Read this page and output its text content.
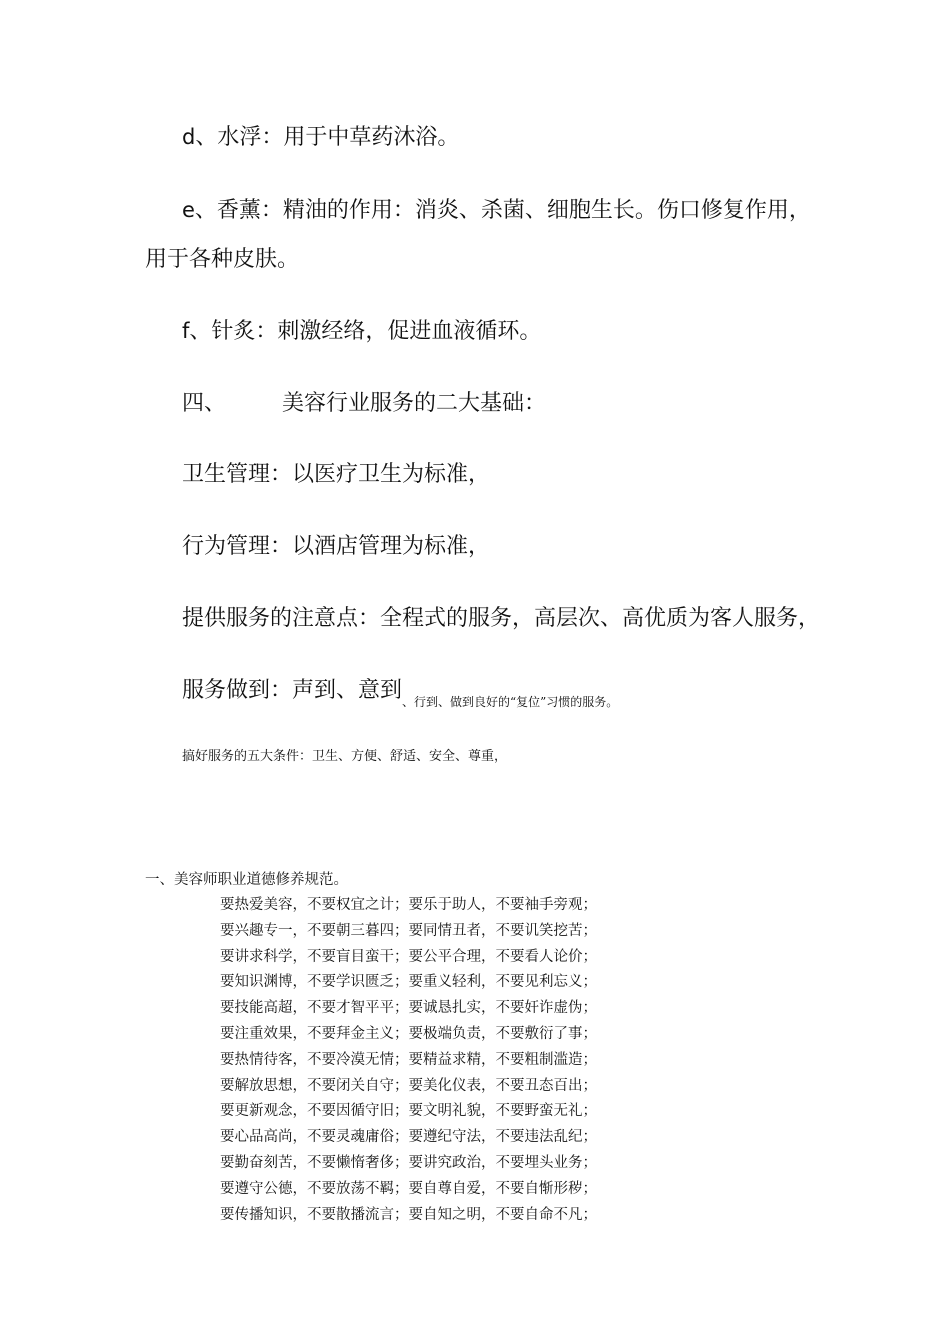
d、水浮：用于中草药沐浴。
e、香薰：精油的作用：消炎、杀菌、细胞生长。伤口修复作用，
用于各种皮肤。
f、针炙：刺激经络，促进血液循环。
四、	美容行业服务的二大基础：
卫生管理：以医疗卫生为标准，
行为管理：以酒店管理为标准，
提供服务的注意点：全程式的服务，高层次、高优质为客人服务，
服务做到：声到、意到$_{、行到、做到良好的“复位”习惯的服务。}$
搞好服务的五大条件：卫生、方便、舒适、安全、尊重，
一、美容师职业道德修养规范。
要热爱美容，不要权宜之计；要乐于助人，不要袖手旁观；
要兴趣专一，不要朝三暮四；要同情丑者，不要讥笑挖苦；
要讲求科学，不要盲目蛮干；要公平合理，不要看人论价；
要知识渊博，不要学识匮乏；要重义轻利，不要见利忘义；
要技能高超，不要才智平平；要诚恳扎实，不要奸诈虚伪；
要注重效果，不要拜金主义；要极端负责，不要敷衍了事；
要热情待客，不要冷漠无情；要精益求精，不要粗制滥造；
要解放思想，不要闭关自守；要美化仪表，不要丑态百出；
要更新观念，不要因循守旧；要文明礼貌，不要野蛮无礼；
要心品高尚，不要灵魂庸俗；要遵纪守法，不要违法乱纪；
要勤奋刻苦，不要懒惰奢侈；要讲究政治，不要埋头业务；
要遵守公德，不要放荡不羁；要自尊自爱，不要自惭形秽；
要传播知识，不要散播流言；要自知之明，不要自命不凡；
